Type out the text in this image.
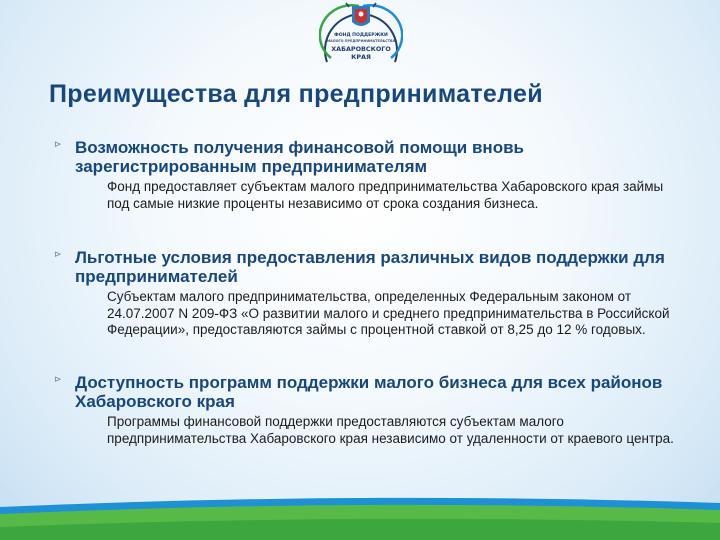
ФОНД ПОДДЕРЖКИ
МАЛОГО ПРЕДПРИНИМАТЕЛЬСТВА
ХАБАРОВСКОГО
КРАЯ
Преимущества для предпринимателей
⊳ Возможность получения финансовой помощи вновь зарегистрированным предпринимателям

Фонд предоставляет субъектам малого предпринимательства Хабаровского края займы под самые низкие проценты независимо от срока создания бизнеса.

⊳ Льготные условия предоставления различных видов поддержки для предпринимателей

Субъектам малого предпринимательства, определенных Федеральным законом от 24.07.2007 N 209-ФЗ «О развитии малого и среднего предпринимательства в Российской Федерации», предоставляются займы с процентной ставкой от 8,25 до 12 % годовых.

⊳ Доступность программ поддержки малого бизнеса для всех районов Хабаровского края

Программы финансовой поддержки предоставляются субъектам малого предпринимательства Хабаровского края независимо от удаленности от краевого центра.
